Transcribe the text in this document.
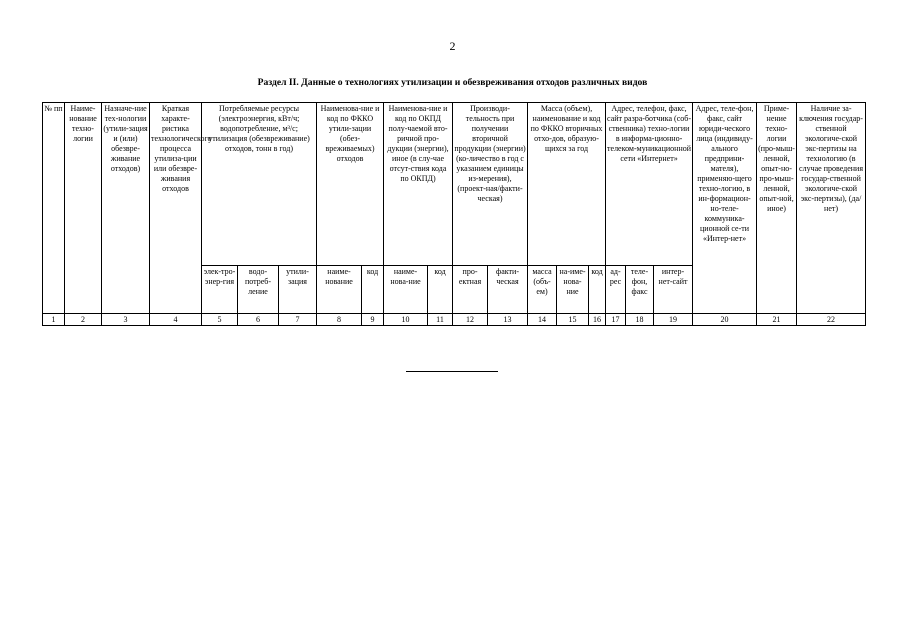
2
Раздел II. Данные о технологиях утилизации и обезвреживания отходов различных видов
№ пп	Наиме-нование техно-логии	Назначе-ние тех-нологии (утили-зация и (или) обезвре-живание отходов)	Краткая характе-ристика технологического процесса утилиза-ции или обезвре-живания отходов	Потребляемые ресурсы (электроэнергия, кВт/ч; водопотребление, м³/с; утилизация (обезвреживание) отходов, тонн в год)			Наименова-ние и код по ФККО утили-зации (обез-вреживаемых) отходов		Наименова-ние и код по ОКПД полу-чаемой вто-ричной про-дукции (энергии), иное (в слу-чае отсут-ствия кода по ОКПД)		Производи-тельность при получении вторичной продукции (энергии) (ко-личество в год с указанием единицы из-мерения), (проект-ная/факти-ческая)		Масса (объем), наименование и код по ФККО вторичных отхо-дов, образую-щихся за год			Адрес, телефон, факс, сайт разра-ботчика (соб-ственника) техно-логии в информа-ционно-телеком-муникационной сети «Интернет»			Адрес, теле-фон, факс, сайт юриди-ческого лица (индивиду-ального предприни-мателя), применяю-щего техно-логию, в ин-формацион-но-теле-коммуника-ционной се-ти «Интер-нет»	Приме-нение техно-логии (про-мыш-ленной, опыт-но-про-мыш-ленной, опыт-ной, иное)	Наличие за-ключения государ-ственной экологиче-ской экс-пертизы на технологию (в случае проведения государ-ственной экологиче-ской экс-пертизы), (да/нет)
				элек-тро-энер-гия	водо-потреб-ление	утили-зация	наиме-нование	код	наиме-нова-ние	код	про-ектная	факти-ческая	масса (объ-ем)	на-име-нова-ние	код	ад-рес	теле-фон, факс	интер-нет-сайт			
1	2	3	4	5	6	7	8	9	10	11	12	13	14	15	16	17	18	19	20	21	22
